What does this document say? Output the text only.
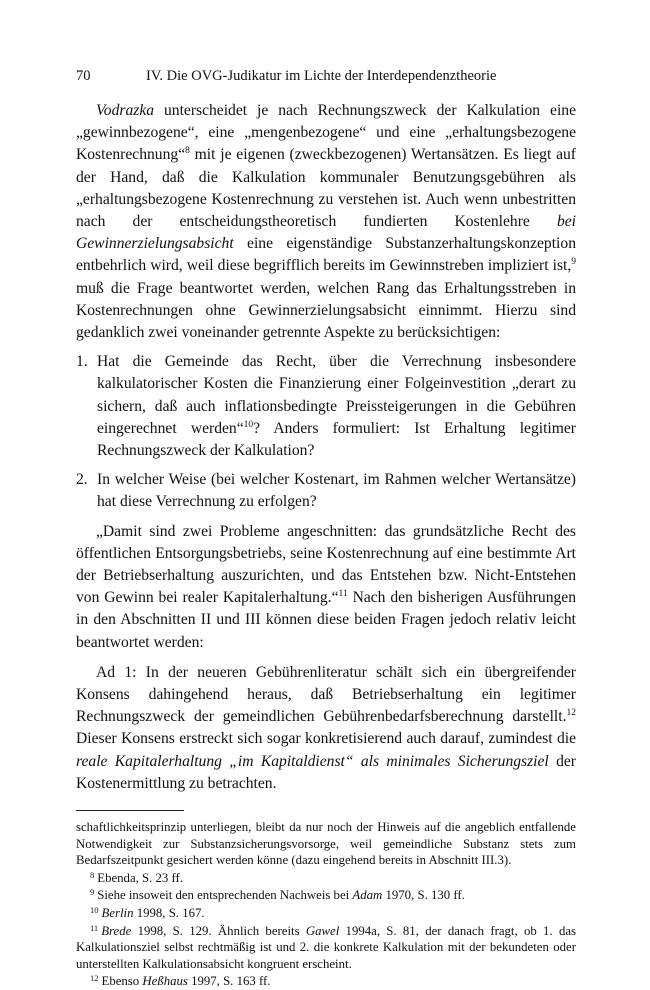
70	IV. Die OVG-Judikatur im Lichte der Interdependenztheorie

Vodrazka unterscheidet je nach Rechnungszweck der Kalkulation eine „gewinnbezogene“, eine „mengenbezogene“ und eine „erhaltungsbezogene Kostenrechnung“$^8$ mit je eigenen (zweckbezogenen) Wertansätzen. Es liegt auf der Hand, daß die Kalkulation kommunaler Benutzungsgebühren als „erhaltungsbezogene Kostenrechnung zu verstehen ist. Auch wenn unbestritten nach der entscheidungstheoretisch fundierten Kostenlehre bei Gewinnerzielungsabsicht eine eigenständige Substanzerhaltungskonzeption entbehrlich wird, weil diese begrifflich bereits im Gewinnstreben impliziert ist,$^9$ muß die Frage beantwortet werden, welchen Rang das Erhaltungsstreben in Kostenrechnungen ohne Gewinnerzielungsabsicht einnimmt. Hierzu sind gedanklich zwei voneinander getrennte Aspekte zu berücksichtigen:

1. Hat die Gemeinde das Recht, über die Verrechnung insbesondere kalkulatorischer Kosten die Finanzierung einer Folgeinvestition „derart zu sichern, daß auch inflationsbedingte Preissteigerungen in die Gebühren eingerechnet werden“$^{10}$? Anders formuliert: Ist Erhaltung legitimer Rechnungszweck der Kalkulation?
2. In welcher Weise (bei welcher Kostenart, im Rahmen welcher Wertansätze) hat diese Verrechnung zu erfolgen?

„Damit sind zwei Probleme angeschnitten: das grundsätzliche Recht des öffentlichen Entsorgungsbetriebs, seine Kostenrechnung auf eine bestimmte Art der Betriebserhaltung auszurichten, und das Entstehen bzw. Nicht-Entstehen von Gewinn bei realer Kapitalerhaltung.“$^{11}$ Nach den bisherigen Ausführungen in den Abschnitten II und III können diese beiden Fragen jedoch relativ leicht beantwortet werden:

Ad 1: In der neueren Gebührenliteratur schält sich ein übergreifender Konsens dahingehend heraus, daß Betriebserhaltung ein legitimer Rechnungszweck der gemeindlichen Gebührenbedarfsberechnung darstellt.$^{12}$ Dieser Konsens erstreckt sich sogar konkretisierend auch darauf, zumindest die reale Kapitalerhaltung „im Kapitaldienst“ als minimales Sicherungsziel der Kostenermittlung zu betrachten.

schaftlichkeitsprinzip unterliegen, bleibt da nur noch der Hinweis auf die angeblich entfallende Notwendigkeit zur Substanzsicherungsvorsorge, weil gemeindliche Substanz stets zum Bedarfszeitpunkt gesichert werden könne (dazu eingehend bereits in Abschnitt III.3).

$^8$ Ebenda, S. 23 ff.

$^9$ Siehe insoweit den entsprechenden Nachweis bei Adam 1970, S. 130 ff.

$^{10}$ Berlin 1998, S. 167.

$^{11}$ Brede 1998, S. 129. Ähnlich bereits Gawel 1994a, S. 81, der danach fragt, ob 1. das Kalkulationsziel selbst rechtmäßig ist und 2. die konkrete Kalkulation mit der bekundeten oder unterstellten Kalkulationsabsicht kongruent erscheint.

$^{12}$ Ebenso Heßhaus 1997, S. 163 ff.
